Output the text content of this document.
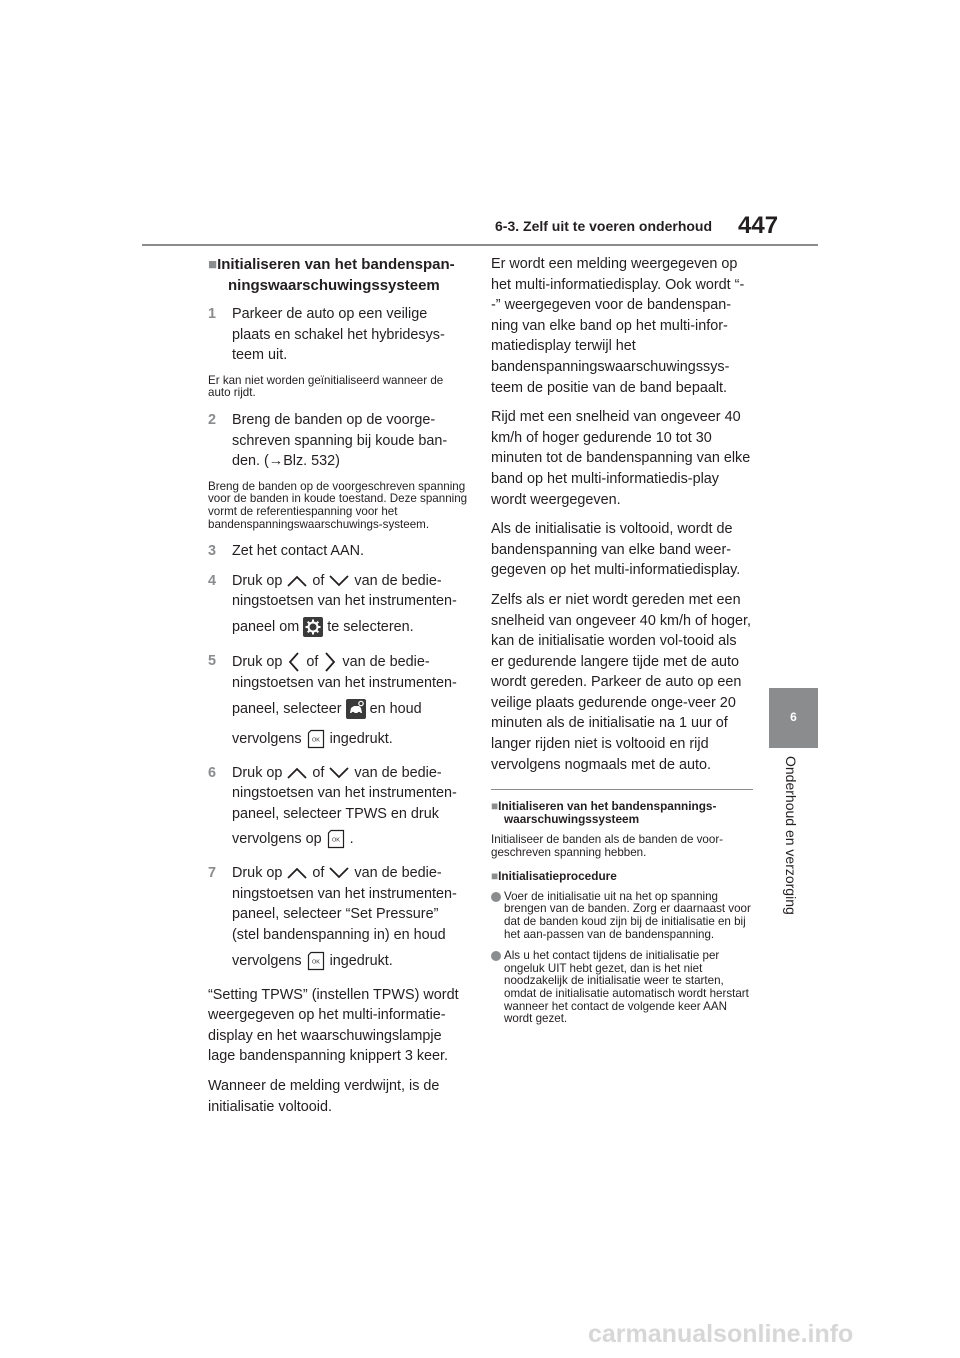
6-3. Zelf uit te voeren onderhoud 447
6
Onderhoud en verzorging
■Initialiseren van het bandenspan-
ningswaarschuwingssysteem
1 Parkeer de auto op een veilige
plaats en schakel het hybridesys-
teem uit.
Er kan niet worden geïnitialiseerd wanneer de auto rijdt.
2 Breng de banden op de voorge-
schreven spanning bij koude ban-
den. (→Blz. 532)
Breng de banden op de voorgeschreven spanning voor de banden in koude toestand. Deze spanning vormt de referentiespanning voor het bandenspanningswaarschuwings-systeem.
3 Zet het contact AAN.
4 Druk op of van de bedie-
ningstoetsen van het instrumenten-
paneel om te selecteren.
5 Druk op of van de bedie-
ningstoetsen van het instrumenten-
paneel, selecteer en houd
vervolgens OK ingedrukt.
6 Druk op of van de bedie-
ningstoetsen van het instrumenten-
paneel, selecteer TPWS en druk
vervolgens op OK .
7 Druk op of van de bedie-
ningstoetsen van het instrumenten-
paneel, selecteer “Set Pressure”
(stel bandenspanning in) en houd
vervolgens OK ingedrukt.
“Setting TPWS” (instellen TPWS) wordt weergegeven op het multi-informatie-display en het waarschuwingslampje lage bandenspanning knippert 3 keer.
Wanneer de melding verdwijnt, is de initialisatie voltooid.
Er wordt een melding weergegeven op het multi-informatiedisplay. Ook wordt “--” weergegeven voor de bandenspan-ning van elke band op het multi-infor-matiedisplay terwijl het bandenspanningswaarschuwingssys-teem de positie van de band bepaalt.
Rijd met een snelheid van ongeveer 40 km/h of hoger gedurende 10 tot 30 minuten tot de bandenspanning van elke band op het multi-informatiedis-play wordt weergegeven.
Als de initialisatie is voltooid, wordt de bandenspanning van elke band weer-gegeven op het multi-informatiedisplay.
Zelfs als er niet wordt gereden met een snelheid van ongeveer 40 km/h of hoger, kan de initialisatie worden vol-tooid als er gedurende langere tijde met de auto wordt gereden. Parkeer de auto op een veilige plaats gedurende onge-veer 20 minuten als de initialisatie na 1 uur of langer rijden niet is voltooid en rijd vervolgens nogmaals met de auto.
■Initialiseren van het bandenspannings-
waarschuwingssysteem
Initialiseer de banden als de banden de voor-geschreven spanning hebben.
■Initialisatieprocedure
Voer de initialisatie uit na het op spanning brengen van de banden. Zorg er daarnaast voor dat de banden koud zijn bij de initialisatie en bij het aan-passen van de bandenspanning.
Als u het contact tijdens de initialisatie per ongeluk UIT hebt gezet, dan is het niet noodzakelijk de initialisatie weer te starten, omdat de initialisatie automatisch wordt herstart wanneer het contact de volgende keer AAN wordt gezet.
carmanualsonline.info
